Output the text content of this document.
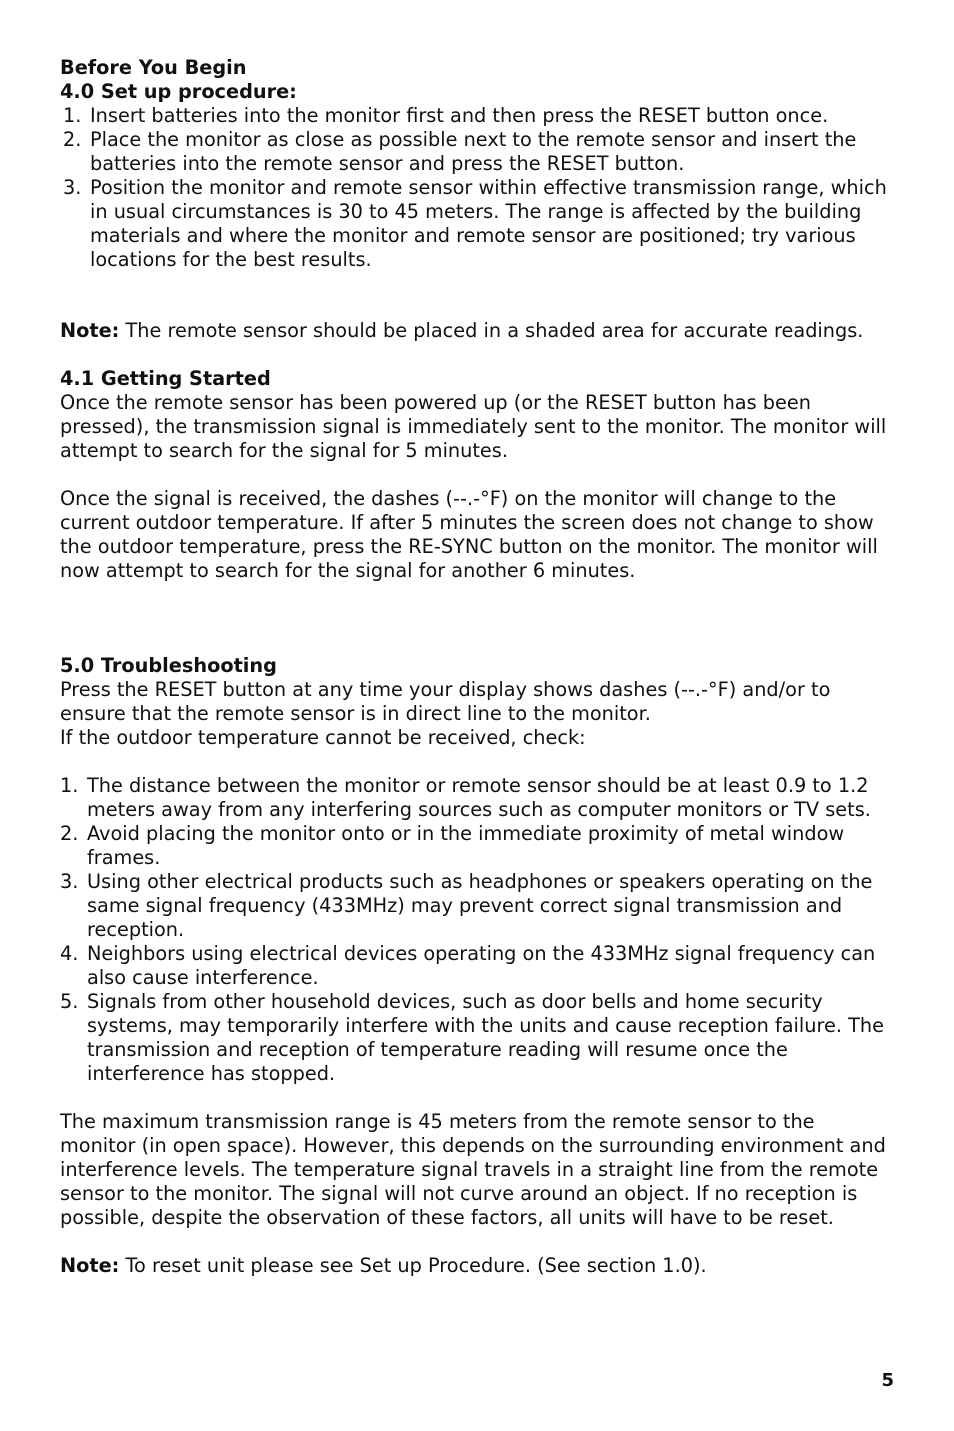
Before You Begin

4.0 Set up procedure:

1. Insert batteries into the monitor first and then press the RESET button once.
2. Place the monitor as close as possible next to the remote sensor and insert the batteries into the remote sensor and press the RESET button.
3. Position the monitor and remote sensor within effective transmission range, which in usual circumstances is 30 to 45 meters. The range is affected by the building materials and where the monitor and remote sensor are positioned; try various locations for the best results.

Note: The remote sensor should be placed in a shaded area for accurate readings.

4.1 Getting Started

Once the remote sensor has been powered up (or the RESET button has been pressed), the transmission signal is immediately sent to the monitor. The monitor will attempt to search for the signal for 5 minutes.

Once the signal is received, the dashes (--.-°F) on the monitor will change to the current outdoor temperature. If after 5 minutes the screen does not change to show the outdoor temperature, press the RE-SYNC button on the monitor. The monitor will now attempt to search for the signal for another 6 minutes.

5.0 Troubleshooting

Press the RESET button at any time your display shows dashes (--.-°F) and/or to ensure that the remote sensor is in direct line to the monitor.

If the outdoor temperature cannot be received, check:

1. The distance between the monitor or remote sensor should be at least 0.9 to 1.2 meters away from any interfering sources such as computer monitors or TV sets.
2. Avoid placing the monitor onto or in the immediate proximity of metal window frames.
3. Using other electrical products such as headphones or speakers operating on the same signal frequency (433MHz) may prevent correct signal transmission and reception.
4. Neighbors using electrical devices operating on the 433MHz signal frequency can also cause interference.
5. Signals from other household devices, such as door bells and home security systems, may temporarily interfere with the units and cause reception failure. The transmission and reception of temperature reading will resume once the interference has stopped.

The maximum transmission range is 45 meters from the remote sensor to the monitor (in open space). However, this depends on the surrounding environment and interference levels. The temperature signal travels in a straight line from the remote sensor to the monitor. The signal will not curve around an object. If no reception is possible, despite the observation of these factors, all units will have to be reset.

Note: To reset unit please see Set up Procedure. (See section 1.0).

5
